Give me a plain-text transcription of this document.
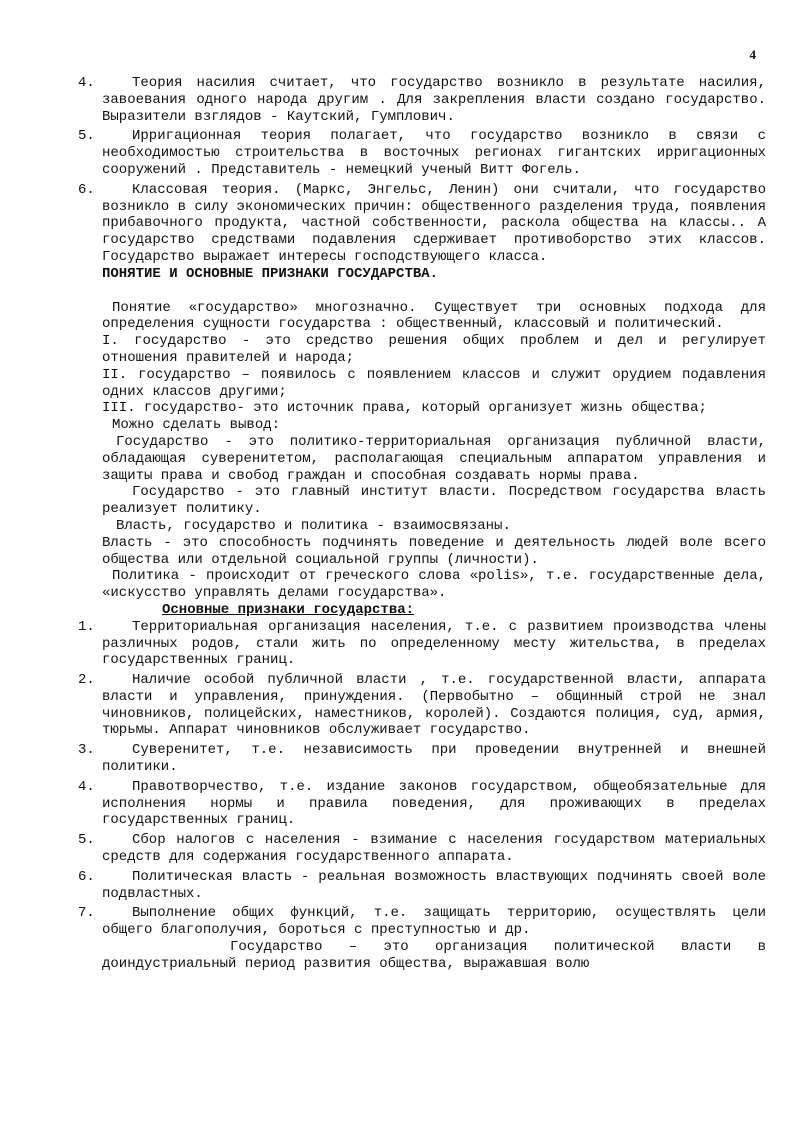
4
4.	Теория насилия считает, что государство возникло в результате насилия, завоевания одного народа другим . Для закрепления власти создано государство. Выразители взглядов - Каутский, Гумплович.
5.	Ирригационная теория полагает, что государство возникло в связи с необходимостью строительства в восточных регионах гигантских ирригационных сооружений . Представитель - немецкий ученый Витт Фогель.
6.	Классовая теория. (Маркс, Энгельс, Ленин) они считали, что государство возникло в силу экономических причин: общественного разделения труда, появления прибавочного продукта, частной собственности, раскола общества на классы.. А государство средствами подавления сдерживает противоборство этих классов. Государство выражает интересы господствующего класса.

ПОНЯТИЕ И ОСНОВНЫЕ ПРИЗНАКИ ГОСУДАРСТВА.

Понятие «государство» многозначно. Существует три основных подхода для определения сущности государства : общественный, классовый и политический.

I. государство - это средство решения общих проблем и дел и регулирует отношения правителей и народа;

II. государство – появилось с появлением классов и служит орудием подавления одних классов другими;

III. государство- это источник права, который организует жизнь общества;

Можно сделать вывод:

Государство - это политико-территориальная организация публичной власти, обладающая суверенитетом, располагающая специальным аппаратом управления и защиты права и свобод граждан и способная создавать нормы права.

Государство - это главный институт власти. Посредством государства власть реализует политику.

Власть, государство и политика - взаимосвязаны.

Власть - это способность подчинять поведение и деятельность людей воле всего общества или отдельной социальной группы (личности).

Политика - происходит от греческого слова «polis», т.е. государственные дела, «искусство управлять делами государства».

Основные признаки государства:

1.	Территориальная организация населения, т.е. с развитием производства члены различных родов, стали жить по определенному месту жительства, в пределах государственных границ.
2.	Наличие особой публичной власти , т.е. государственной власти, аппарата власти и управления, принуждения. (Первобытно – общинный строй не знал чиновников, полицейских, наместников, королей). Создаются полиция, суд, армия, тюрьмы. Аппарат чиновников обслуживает государство.
3.	Суверенитет, т.е. независимость при проведении внутренней и внешней политики.
4.	Правотворчество, т.е. издание законов государством, общеобязательные для исполнения нормы и правила поведения, для проживающих в пределах государственных границ.
5.	Сбор налогов с населения - взимание с населения государством материальных средств для содержания государственного аппарата.
6.	Политическая власть - реальная возможность властвующих подчинять своей воле подвластных.
7.	Выполнение общих функций, т.е. защищать территорию, осуществлять цели общего благополучия, бороться с преступностью и др.

Государство – это организация политической власти в доиндустриальный период развития общества, выражавшая волю
